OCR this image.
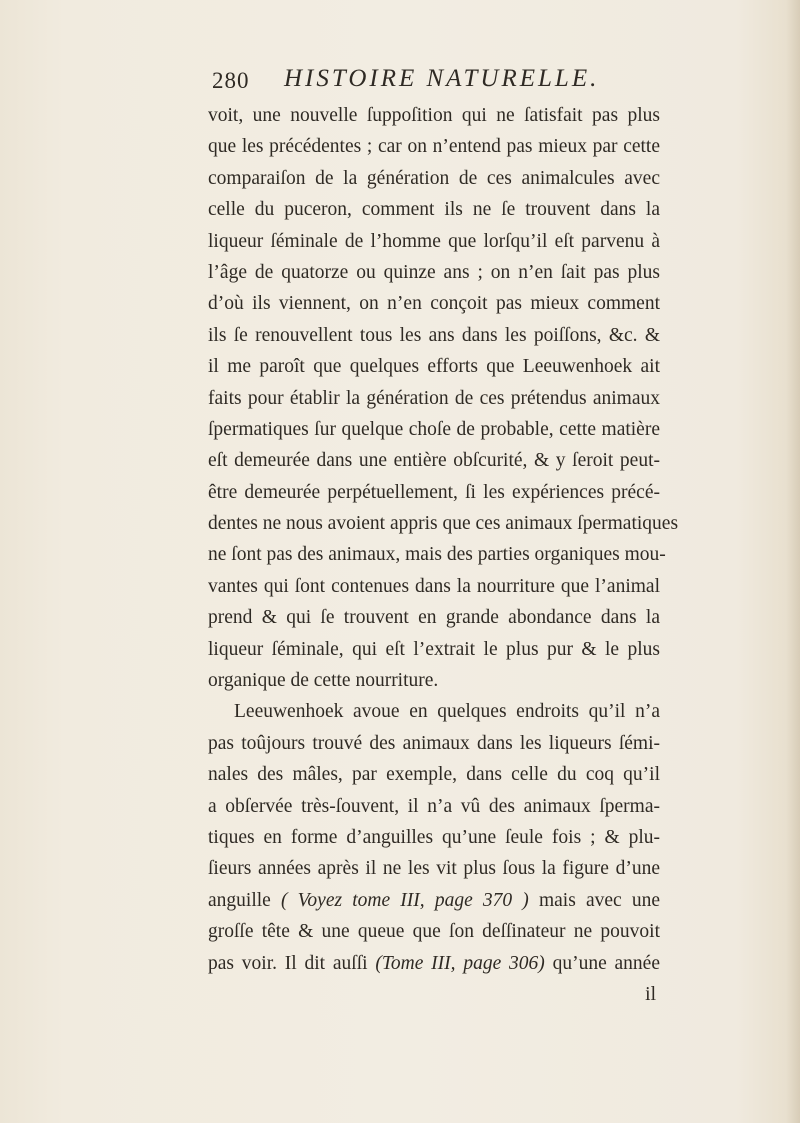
280 HISTOIRE NATURELLE.
voit, une nouvelle ſuppoſition qui ne ſatisfait pas plus
que les précédentes ; car on n’entend pas mieux par cette
comparaiſon de la génération de ces animalcules avec
celle du puceron, comment ils ne ſe trouvent dans la
liqueur ſéminale de l’homme que lorſqu’il eſt parvenu à
l’âge de quatorze ou quinze ans ; on n’en ſait pas plus
d’où ils viennent, on n’en conçoit pas mieux comment
ils ſe renouvellent tous les ans dans les poiſſons, &c. &
il me paroît que quelques efforts que Leeuwenhoek ait
faits pour établir la génération de ces prétendus animaux
ſpermatiques ſur quelque choſe de probable, cette matière
eſt demeurée dans une entière obſcurité, & y ſeroit peut-
être demeurée perpétuellement, ſi les expériences précé-
dentes ne nous avoient appris que ces animaux ſpermatiques
ne ſont pas des animaux, mais des parties organiques mou-
vantes qui ſont contenues dans la nourriture que l’animal
prend & qui ſe trouvent en grande abondance dans la
liqueur ſéminale, qui eſt l’extrait le plus pur & le plus
organique de cette nourriture.
Leeuwenhoek avoue en quelques endroits qu’il n’a
pas toûjours trouvé des animaux dans les liqueurs ſémi-
nales des mâles, par exemple, dans celle du coq qu’il
a obſervée très-ſouvent, il n’a vû des animaux ſperma-
tiques en forme d’anguilles qu’une ſeule fois ; & plu-
ſieurs années après il ne les vit plus ſous la figure d’une
anguille ( Voyez tome III, page 370 ) mais avec une
groſſe tête & une queue que ſon deſſinateur ne pouvoit
pas voir. Il dit auſſi (Tome III, page 306) qu’une année
il
